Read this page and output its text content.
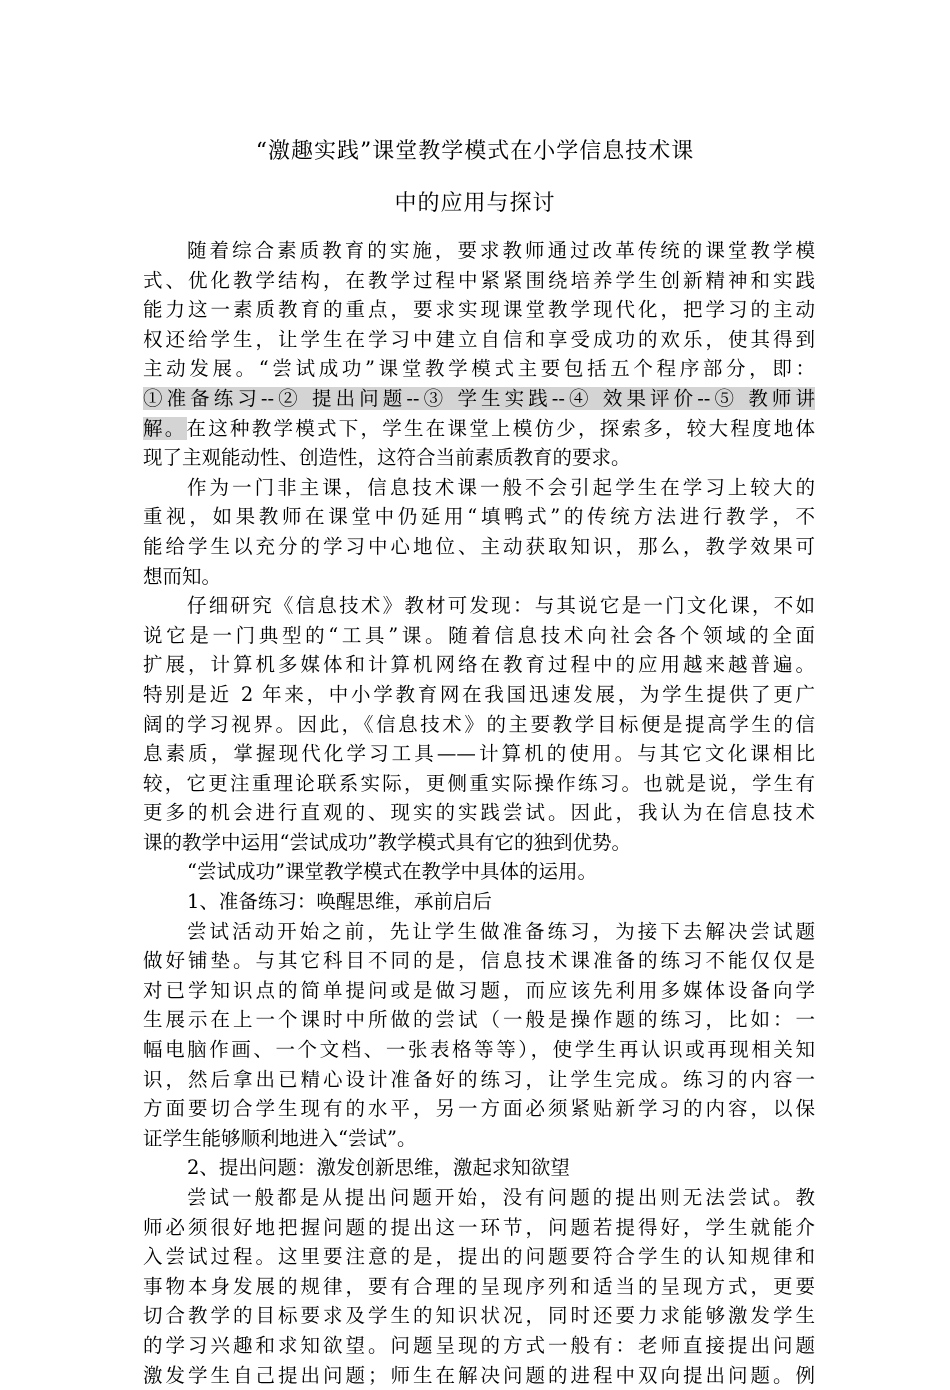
“激趣实践”课堂教学模式在小学信息技术课
中的应用与探讨
随着综合素质教育的实施，要求教师通过改革传统的课堂教学模
式、优化教学结构，在教学过程中紧紧围绕培养学生创新精神和实践
能力这一素质教育的重点，要求实现课堂教学现代化，把学习的主动
权还给学生，让学生在学习中建立自信和享受成功的欢乐，使其得到
主动发展。“尝试成功”课堂教学模式主要包括五个程序部分，即：
①准备练习--② 提出问题--③ 学生实践--④ 效果评价--⑤ 教师讲
解。在这种教学模式下，学生在课堂上模仿少，探索多，较大程度地体
现了主观能动性、创造性，这符合当前素质教育的要求。
作为一门非主课，信息技术课一般不会引起学生在学习上较大的
重视，如果教师在课堂中仍延用“填鸭式”的传统方法进行教学，不
能给学生以充分的学习中心地位、主动获取知识，那么，教学效果可
想而知。
仔细研究《信息技术》教材可发现：与其说它是一门文化课，不如
说它是一门典型的“工具”课。随着信息技术向社会各个领域的全面
扩展，计算机多媒体和计算机网络在教育过程中的应用越来越普遍。
特别是近 2 年来，中小学教育网在我国迅速发展，为学生提供了更广
阔的学习视界。因此，《信息技术》的主要教学目标便是提高学生的信
息素质，掌握现代化学习工具——计算机的使用。与其它文化课相比
较，它更注重理论联系实际，更侧重实际操作练习。也就是说，学生有
更多的机会进行直观的、现实的实践尝试。因此，我认为在信息技术
课的教学中运用“尝试成功”教学模式具有它的独到优势。
“尝试成功”课堂教学模式在教学中具体的运用。
1、准备练习：唤醒思维，承前启后
尝试活动开始之前，先让学生做准备练习，为接下去解决尝试题
做好铺垫。与其它科目不同的是，信息技术课准备的练习不能仅仅是
对已学知识点的简单提问或是做习题，而应该先利用多媒体设备向学
生展示在上一个课时中所做的尝试（一般是操作题的练习，比如：一
幅电脑作画、一个文档、一张表格等等），使学生再认识或再现相关知
识，然后拿出已精心设计准备好的练习，让学生完成。练习的内容一
方面要切合学生现有的水平，另一方面必须紧贴新学习的内容，以保
证学生能够顺利地进入“尝试”。
2、提出问题：激发创新思维，激起求知欲望
尝试一般都是从提出问题开始，没有问题的提出则无法尝试。教
师必须很好地把握问题的提出这一环节，问题若提得好，学生就能介
入尝试过程。这里要注意的是，提出的问题要符合学生的认知规律和
事物本身发展的规律，要有合理的呈现序列和适当的呈现方式，更要
切合教学的目标要求及学生的知识状况，同时还要力求能够激发学生
的学习兴趣和求知欲望。问题呈现的方式一般有：老师直接提出问题
激发学生自己提出问题；师生在解决问题的进程中双向提出问题。例
